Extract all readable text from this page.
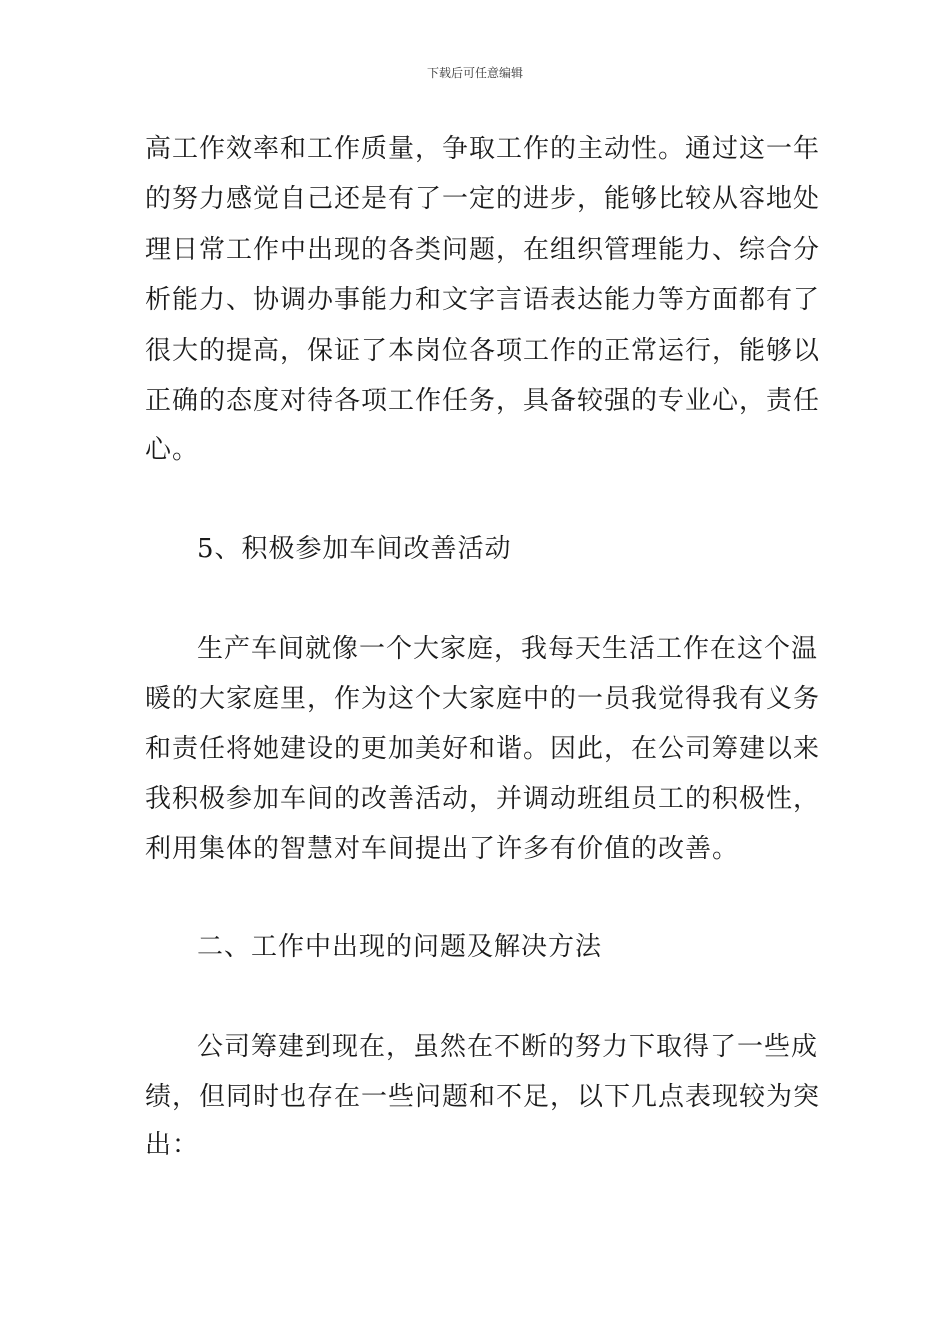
下载后可任意编辑
高工作效率和工作质量，争取工作的主动性。通过这一年
的努力感觉自己还是有了一定的进步，能够比较从容地处
理日常工作中出现的各类问题，在组织管理能力、综合分
析能力、协调办事能力和文字言语表达能力等方面都有了
很大的提高，保证了本岗位各项工作的正常运行，能够以
正确的态度对待各项工作任务，具备较强的专业心，责任
心。
5、积极参加车间改善活动
生产车间就像一个大家庭，我每天生活工作在这个温
暖的大家庭里，作为这个大家庭中的一员我觉得我有义务
和责任将她建设的更加美好和谐。因此，在公司筹建以来
我积极参加车间的改善活动，并调动班组员工的积极性，
利用集体的智慧对车间提出了许多有价值的改善。
二、工作中出现的问题及解决方法
公司筹建到现在，虽然在不断的努力下取得了一些成
绩，但同时也存在一些问题和不足，以下几点表现较为突
出：
